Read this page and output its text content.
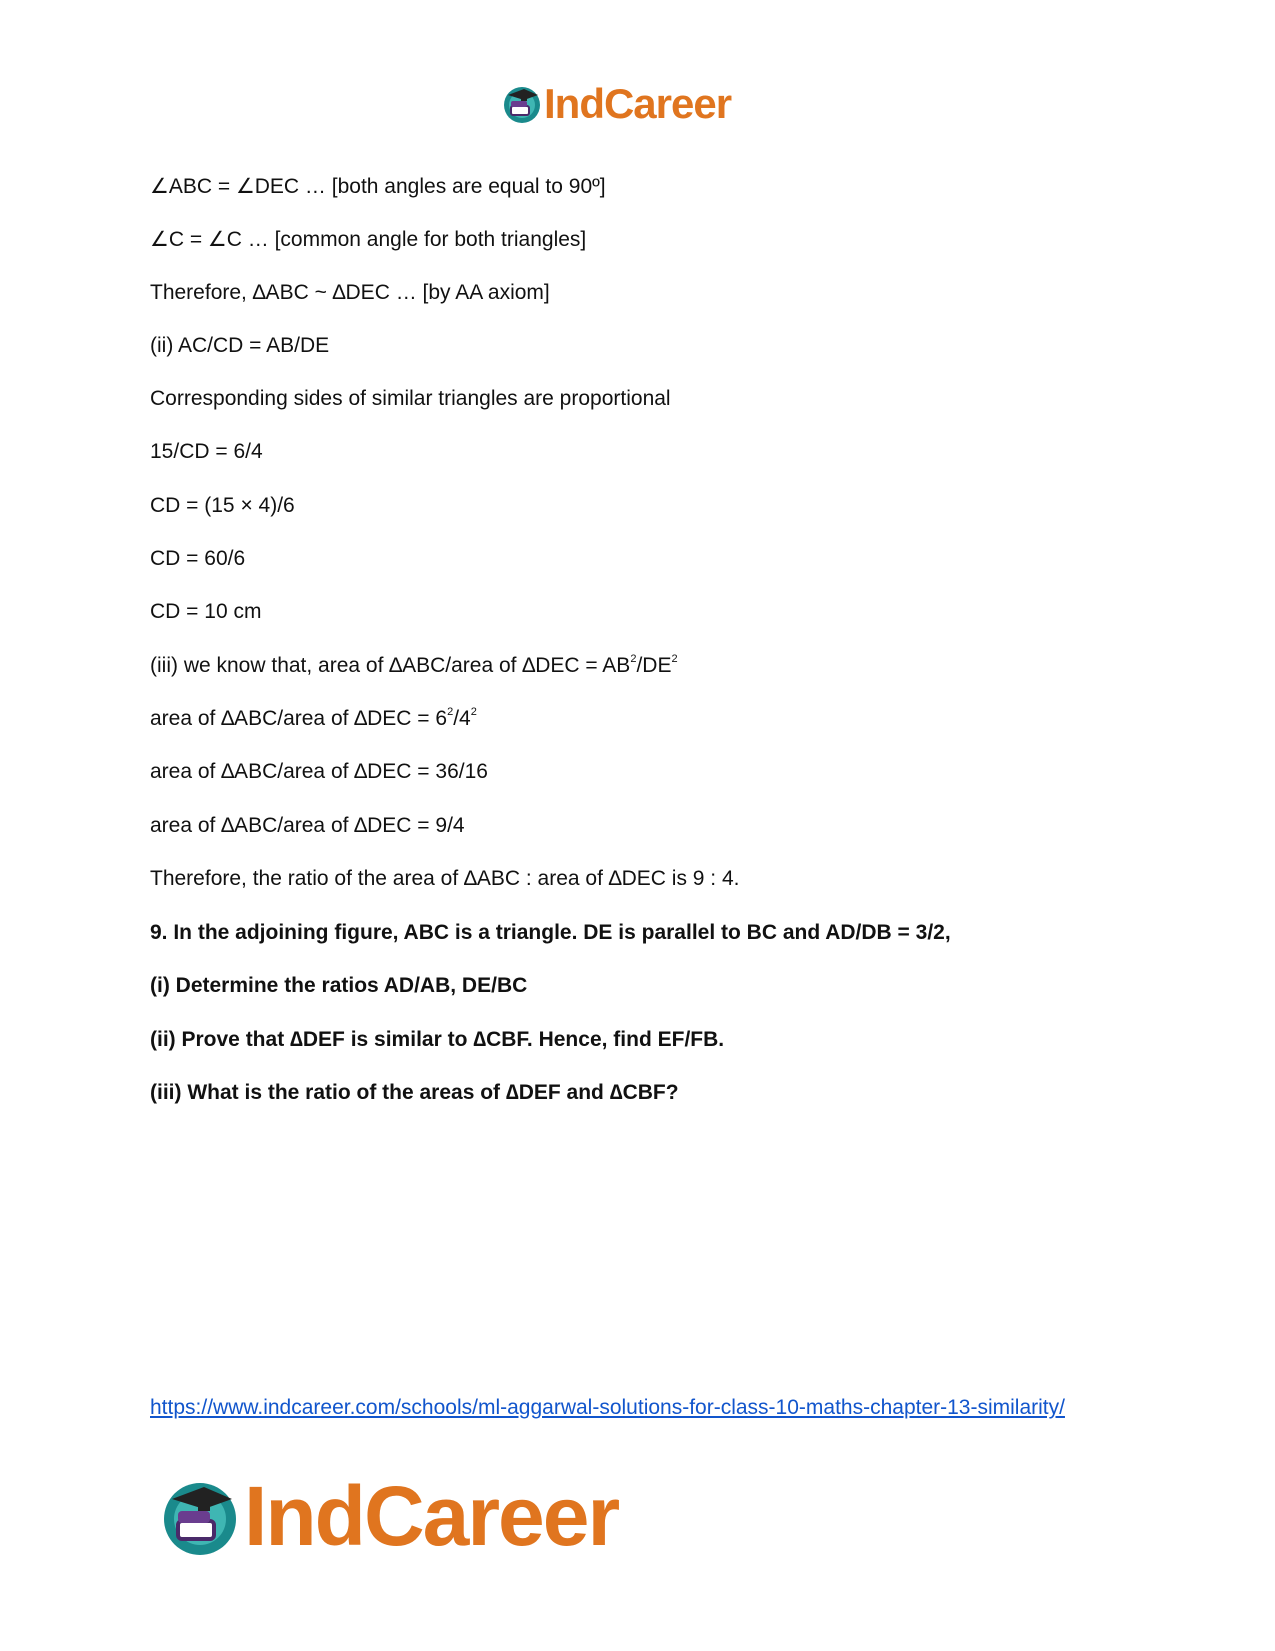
IndCareer

∠ABC = ∠DEC … [both angles are equal to 90º]

∠C = ∠C … [common angle for both triangles]

Therefore, ∆ABC ~ ∆DEC … [by AA axiom]

(ii) AC/CD = AB/DE

Corresponding sides of similar triangles are proportional

15/CD = 6/4

CD = (15 × 4)/6

CD = 60/6

CD = 10 cm

(iii) we know that, area of ∆ABC/area of $\Delta DEC = AB^2/DE^2$

area of ∆ABC/area of $\Delta DEC = 6^2/4^2$

area of ∆ABC/area of ∆DEC = 36/16

area of ∆ABC/area of ∆DEC = 9/4

Therefore, the ratio of the area of ∆ABC : area of ∆DEC is 9 : 4.

9. In the adjoining figure, ABC is a triangle. DE is parallel to BC and AD/DB = 3/2,

(i) Determine the ratios AD/AB, DE/BC

(ii) Prove that ∆DEF is similar to ∆CBF. Hence, find EF/FB.

(iii) What is the ratio of the areas of ∆DEF and ∆CBF?

https://www.indcareer.com/schools/ml-aggarwal-solutions-for-class-10-maths-chapter-13-similarity/
IndCareer
